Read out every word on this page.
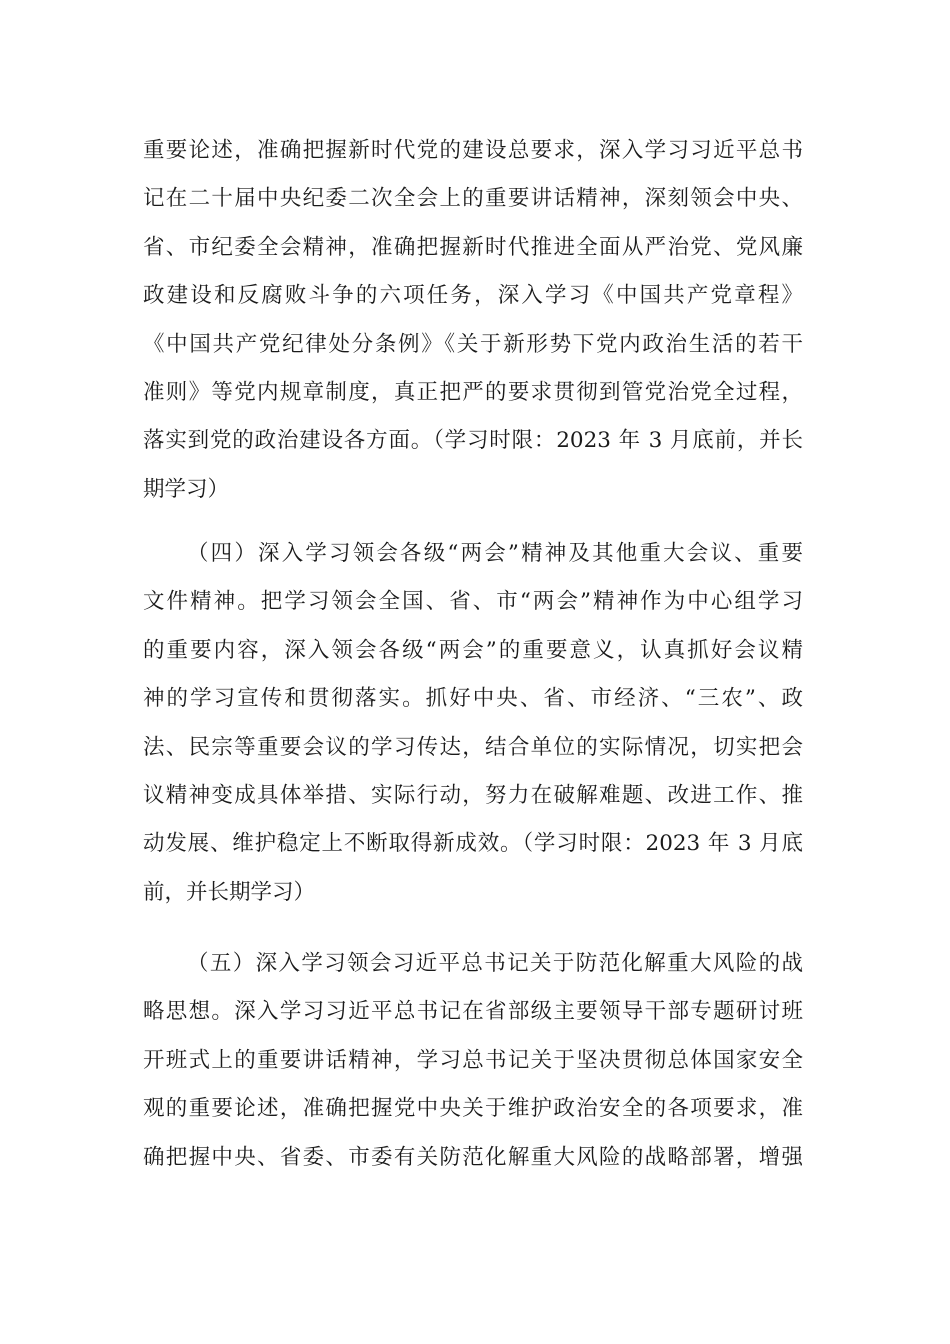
重要论述，准确把握新时代党的建设总要求，深入学习习近平总书
记在二十届中央纪委二次全会上的重要讲话精神，深刻领会中央、
省、市纪委全会精神，准确把握新时代推进全面从严治党、党风廉
政建设和反腐败斗争的六项任务，深入学习《中国共产党章程》
《中国共产党纪律处分条例》《关于新形势下党内政治生活的若干
准则》等党内规章制度，真正把严的要求贯彻到管党治党全过程，
落实到党的政治建设各方面。（学习时限：2023 年 3 月底前，并长
期学习）
（四）深入学习领会各级“两会”精神及其他重大会议、重要
文件精神。把学习领会全国、省、市“两会”精神作为中心组学习
的重要内容，深入领会各级“两会”的重要意义，认真抓好会议精
神的学习宣传和贯彻落实。抓好中央、省、市经济、“三农”、政
法、民宗等重要会议的学习传达，结合单位的实际情况，切实把会
议精神变成具体举措、实际行动，努力在破解难题、改进工作、推
动发展、维护稳定上不断取得新成效。（学习时限：2023 年 3 月底
前，并长期学习）
（五）深入学习领会习近平总书记关于防范化解重大风险的战
略思想。深入学习习近平总书记在省部级主要领导干部专题研讨班
开班式上的重要讲话精神，学习总书记关于坚决贯彻总体国家安全
观的重要论述，准确把握党中央关于维护政治安全的各项要求，准
确把握中央、省委、市委有关防范化解重大风险的战略部署，增强
